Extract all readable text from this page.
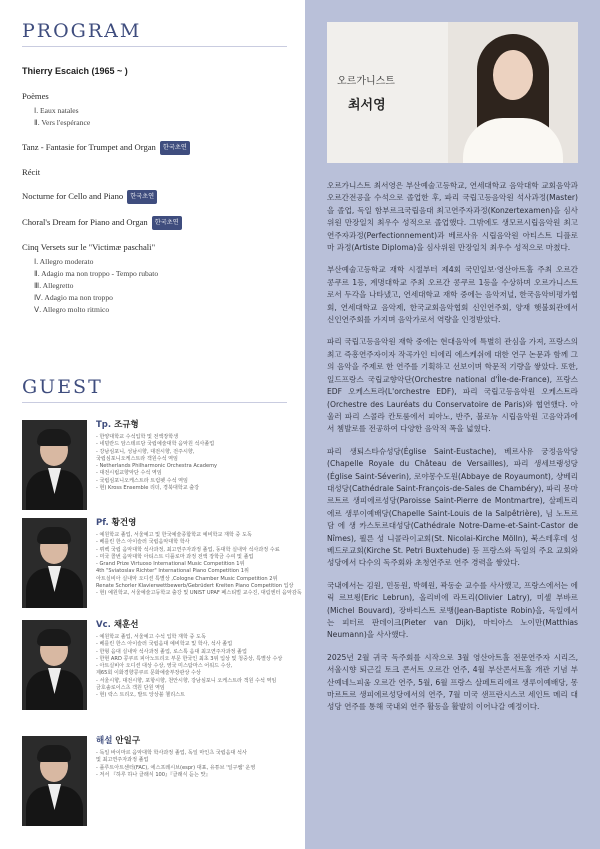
PROGRAM
Thierry Escaich (1965 ~ )
Poèmes
Ⅰ. Eaux natales
Ⅱ. Vers l'espérance
Tanz - Fantasie for Trumpet and Organ 한국초연
Récit
Nocturne for Cello and Piano 한국초연
Choral's Dream for Piano and Organ 한국초연
Cinq Versets sur le "Victimæ paschali"
Ⅰ. Allegro moderato
Ⅱ. Adagio ma non troppo - Tempo rubato
Ⅲ. Allegretto
Ⅳ. Adagio ma non troppo
Ⅴ. Allegro molto ritmico
GUEST
Tp. 조규형
- 한양대학교 수석입학 및 전액장학생
- 네덜란드 암스테르담 국립예술대학 음악원 석사졸업
- 강남심포니, 성남시향, 대전시향, 전주시향,
국립심포니오케스트라 객원수석 역임
- Netherlands Philharmonic Orchestra Academy
- 대전시립교향악단 수석 역임
- 국립심포니오케스트라 트럼펫 수석 역임
- 현) Kross Ensemble 리더, 경북대학교 출강
Pf. 황건영
- 예원학교 졸업, 서울예고 및 한국예술종합학교 예비학교 재학 중 도독
- 베를린 한스 아이슬러 국립음악대학 학사
- 뤼벡 국립 음악대학 석사과정, 최고연주자과정 졸업, 동대학 실내악 석사과정 수료
- 미국 콜번 음악대학 아티스트 디플로마 과정 전액 장학금 수여 및 졸업
- Grand Prize Virtuoso International Music Competition 1위
4th "Sviatoslav Richter" International Piano Competition 1위
아트실비아 실내악 오디션 특별상 ,Cologne Chamber Music Competition 2위
Renate Schorler Klavierwettbewerb/Gebrüdert Kreiten Piano Competition 입상
- 현) 예원학교, 서울예술고등학교 출강 및 UNIST UPAF 페스티벌 교수진, 대림엔터 음악감독
Vc. 채훈선
- 예원학교 졸업, 서울예고 수석 입학 재학 중 도독
- 베를린 한스 아이슬러 국립음대 예비학교 및 학사, 석사 졸업
- 한형 음대 실내악 석사과정 졸업, 로스톡 음대 최고연주자과정 졸업
- 한현 ARD 콩쿠르 피아노트리오 부문 한국인 최초 3위 입상 및 청중상, 특별상 수상
- 아트실비아 오디션 대상 수상, 영국 미스탐마스 어워드 수상,
제65회 이화경향콩쿠르 문화예술부장관상 수상
- 서울시향, 대전시향, 포항시향, 천안시향, 강남심포니 오케스트라 객원 수석 역임
금호솔로이스츠 객원 단원 역임
- 현) 락스 트리오, 발트 앙상블 첼리스트
해설 안일구
- 독일 바이마르 음악대학 학사과정 졸업, 독일 마인츠 국립음대 석사
및 최고연주자과정 졸업
- 플루트아트센터(FAC), 에스프레시브(espr) 대표, 유튜브 '일구쌤' 운영
- 저서 『하루 하나 클래식 100』『클래식 듣는 맛』
오르가니스트
최서영

오르가니스트 최서영은 부산예술고등학교, 연세대학교 음악대학 교회음악과 오르간전공을 수석으로 졸업한 후, 파리 국립고등음악원 석사과정(Master)을 졸업, 독일 함부르크국립음대 최고연주자과정(Konzertexamen)을 심사위원 만장일치 최우수 성적으로 졸업했다. 그밖에도 생모르시립음악원 최고연주자과정(Perfectionnement)과 베르사유 시립음악원 아티스트 디플로마 과정(Artiste Diploma)을 심사위원 만장일치 최우수 성적으로 마쳤다.

부산예술고등학교 재학 시절부터 제4회 국민일보·영산아트홀 주최 오르간 콩쿠르 1등, 계명대학교 주최 오르간 콩쿠르 1등을 수상하며 오르가니스트로서 두각을 나타냈고, 연세대학교 재학 중에는 음악저널, 한국음악비평가협회, 연세대학교 음악제, 한국교회음악협회 신인연주회, 양재 햇불회관에서 신인연주회를 가지며 음악가로서 역량을 인정받았다.

파리 국립고등음악원 재학 중에는 현대음악에 특별히 관심을 가져, 프랑스의 최고 즉흥연주자이자 작곡가인 티에리 에스케쉬에 대한 연구 논문과 함께 그의 음악을 주제로 한 연주를 기획하고 선보이며 학문적 기량을 쌓았다. 또한, 일드프랑스 국립교향악단(Orchestre national d'Île-de-France), 프랑스 EDF 오케스트라(L'orchestre EDF), 파리 국립고등음악원 오케스트라(Orchestre des Lauréats du Conservatoire de Paris)와 협연했다. 아울러 파리 스콜라 칸토룸에서 피아노, 반주, 불로뉴 시립음악원 고음악과에서 쳄발로를 전공하여 다양한 음악적 폭을 넓혔다.

파리 생퇴스타슈성당(Église Saint-Eustache), 베르사유 궁정음악당(Chapelle Royale du Château de Versailles), 파리 생세브랭성당(Église Saint-Séverin), 로야몽수도원(Abbaye de Royaumont), 샹베리 대성당(Cathédrale Saint-François-de-Sales de Chambéry), 파리 몽마르트르 생피에르성당(Paroisse Saint-Pierre de Montmartre), 살페트리에르 생루이예배당(Chapelle Saint-Louis de la Salpêtrière), 님 노트르담 에 생 카스토르대성당(Cathédrale Notre-Dame-et-Saint-Castor de Nîmes), 뢸른 성 니콜라이교회(St. Nicolai-Kirche Mölln), 북스테후데 성 베드로교회(Kirche St. Petri Buxtehude) 등 프랑스와 독일의 주요 교회와 성당에서 다수의 독주회와 초청연주로 연주 경력을 쌓았다.

국내에서는 김원, 민동원, 박혜원, 곽동순 교수를 사사했고, 프랑스에서는 에릭 르브룅(Eric Lebrun), 올리비에 라트리(Olivier Latry), 미셸 부바르(Michel Bouvard), 장바티스트 로뱅(Jean-Baptiste Robin)을, 독일에서는 피터르 판데이크(Pieter van Dijk), 마티아스 노이만(Matthias Neumann)을 사사했다.

2025년 2월 귀국 독주회를 시작으로 3월 영산아트홀 전문연주자 시리즈, 서울시향 퇴근길 토크 콘서트 오르간 연주, 4월 부산콘서트홀 개관 기념 부산예네느피움 오르간 연주, 5월, 6월 프랑스 살페트리에르 생루이예배당, 몽마르트르 생피에르성당에서의 연주, 7월 미국 샌프란시스코 세인트 메리 대성당 연주를 통해 국내외 연주 활동을 활발히 이어나갈 예정이다.
